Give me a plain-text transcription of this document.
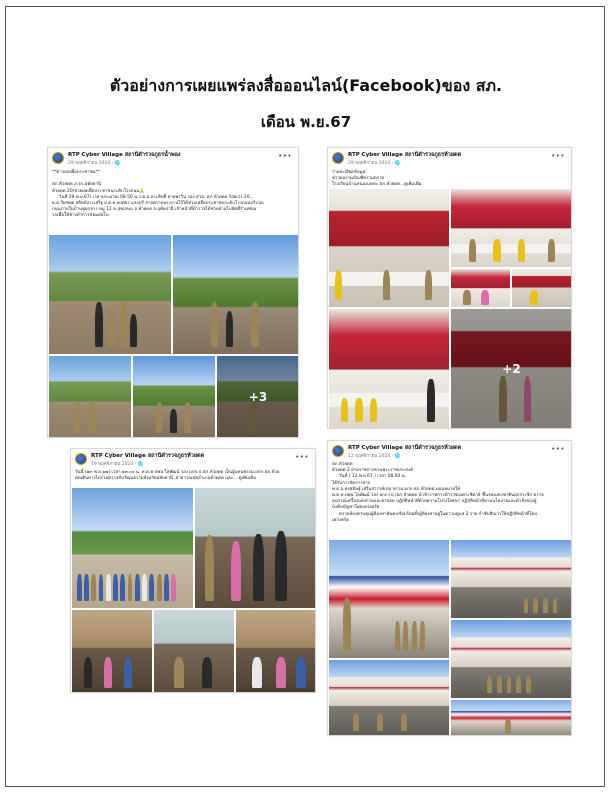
ตัวอย่างการเผยแพร่ลงสื่อออนไลน์(Facebook)ของ สภ.
เดือน พ.ย.67
RTP Cyber Village สถานีตำรวจภูธรน้ำพอง
29 พฤศจิกายน 2024 · 🌐
•••
**ข่าวผลเพื่อประชาชน**

สภ.ห้วยดด ภ.จว.อุทัยธานี
ห้วยดด 20/ช่วยผลเพื่อประชาชนระดับโรงถนน🙏
วันที่ 29 พ.ย.67) เวลาประมาณ 08.50 น.ร.ต.อ.ประสิทธิ์ สายพรวิน รอง สวป. สภ.ห้วยดด ร้อยเวร 20 ,
ด.ต.วิทชทุย สถิตย์ประเสริฐ ผ.ต.ต.พงศธร แสงบุรี สายตรวจทรงงานไว้ได้ช่วยเหลือประชาชนระดับโรงถนนบริเวณ
ถนนภายในบ้านซุยกลาง หมู่ 12 ต.สุขเกษม อ.ห้วยดด จ.อุทัยธานี เจ้าหน้าที่ตำรวจได้ช่วยผ่านไปลัดที่ร้านซ่อม
รถเพื่อให้ช่างทำการซ่อมต่อไป
+3
RTP Cyber Village สถานีตำรวจภูธรห้วยดด
29 พฤศจิกายน 2024 · 🌐
•••
รายละเอียดข้อมูล:
ข่าวผลงานบัณฑิตร่วมตรวจ
โรงเรียนบ้านหนองแหละ สภ.ห้วยดด...ดูเพิ่มเติม
+2
RTP Cyber Village สถานีตำรวจภูธรห้วยดด
19 พฤศจิกายน 2024 · 🌐
•••
วันนี้ (๑๙ พ.ย.๖๗) เวลา ๑๓.๐๐ น. พ.ต.ท.ปพน ไลพัฒน์ รอง ผกก.ป.สภ.ห้วยดด เป็นผู้แทนชรรม.ผกก.สภ.ห้วย
ดดเดินทางไปร่วมตรวจกับวัฒนธรรมจังหวัดอุทัยธานี ,สาธารณสุขอำเภอห้วยดด และ... ดูเพิ่มเติม
RTP Cyber Village สถานีตำรวจภูธรห้วยดด
12 พฤศจิกายน 2024 · 🌐
•••
สภ.ห้วยดด
ห้วยดด 2 ฝ่ายราชการตามพระราชประสงค์
วันที่ ( 12 พ.ย.67 ) เวลา 08.00 น.
ได้รับการจัดการจาก
พ.ต.อ.คงสมิษฐ์ เสริมสวรรค์เกตุ ชรรม.ผกก.สภ.ห้วยดด มอบหมายให้
พ.ต.ท.ปพน ไลพัฒน์ รอง ผกก.(ป.)สภ.ห้วยดด นำข้าราชการตำรวจเฉพาะชิตาธ์ ขึ้นจลองธงชาตินอกกระจิก ตรวจ
อุปกรณ์เครื่องแต่งกายและตรจอด ปฏิบัติหน้าที่ด้วยความโปร่งใสสุขา ปฏิบัติหน้าที่ตามนโยบายและคำสั่งของผู้
บังคับบัญชาโดยเคร่งครัด
ตรวจห้องควบคุมผู้ต้องหาพันคงเรียบร้อยตั้งผู้ต้องหาอยู่ในความดูแล 2 ราย กำชับสิบเวรให้ปฏิบัติหน้าที่โดย
เคร่งครัด
